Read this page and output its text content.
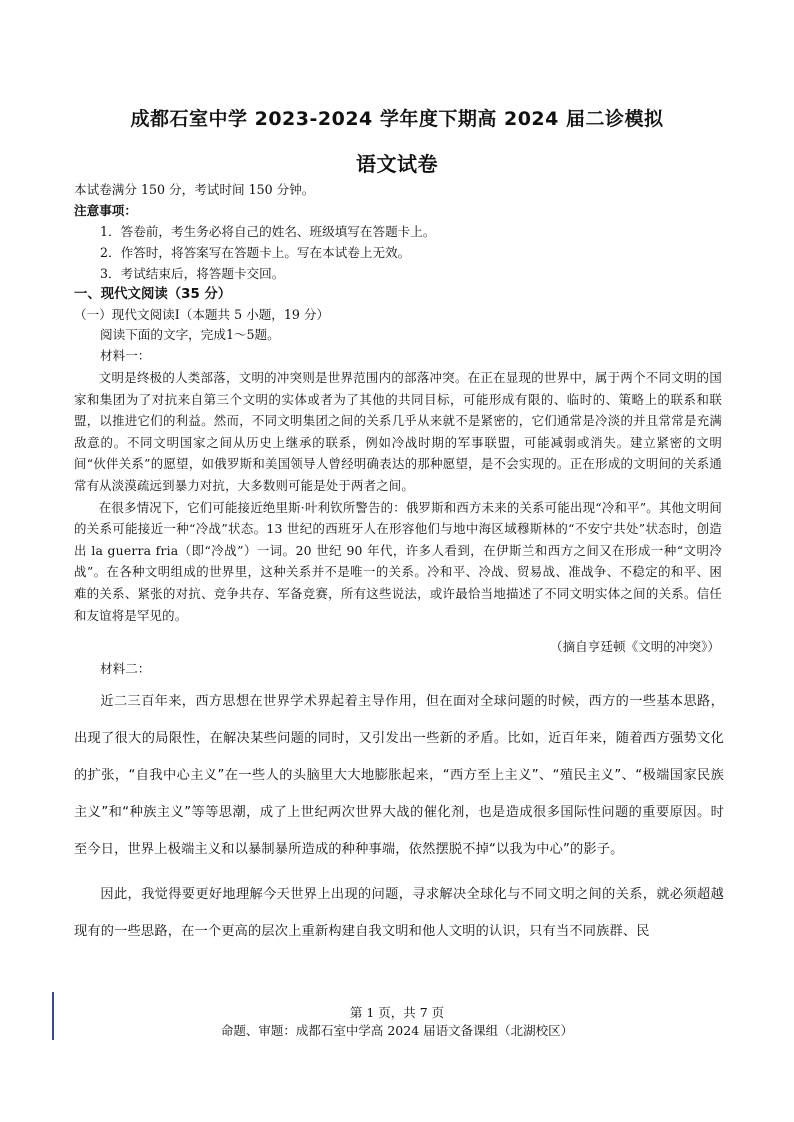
成都石室中学 2023-2024 学年度下期高 2024 届二诊模拟
语文试卷
本试卷满分 150 分，考试时间 150 分钟。
注意事项：
1．答卷前，考生务必将自己的姓名、班级填写在答题卡上。
2．作答时，将答案写在答题卡上。写在本试卷上无效。
3．考试结束后，将答题卡交回。
一、现代文阅读（35 分）
（一）现代文阅读Ⅰ（本题共 5 小题，19 分）
阅读下面的文字，完成1～5题。
材料一：

文明是终极的人类部落，文明的冲突则是世界范围内的部落冲突。在正在显现的世界中，属于两个不同文明的国家和集团为了对抗来自第三个文明的实体或者为了其他的共同目标，可能形成有限的、临时的、策略上的联系和联盟，以推进它们的利益。然而，不同文明集团之间的关系几乎从来就不是紧密的，它们通常是冷淡的并且常常是充满敌意的。不同文明国家之间从历史上继承的联系，例如冷战时期的军事联盟，可能减弱或消失。建立紧密的文明间“伙伴关系”的愿望，如俄罗斯和美国领导人曾经明确表达的那种愿望，是不会实现的。正在形成的文明间的关系通常有从淡漠疏远到暴力对抗，大多数则可能是处于两者之间。

在很多情况下，它们可能接近绝里斯·叶利钦所警告的：俄罗斯和西方未来的关系可能出现“冷和平”。其他文明间的关系可能接近一种“冷战”状态。13 世纪的西班牙人在形容他们与地中海区域穆斯林的“不安宁共处”状态时，创造出 la guerra fria（即“冷战”）一词。20 世纪 90 年代，许多人看到，在伊斯兰和西方之间又在形成一种“文明冷战”。在各种文明组成的世界里，这种关系并不是唯一的关系。冷和平、冷战、贸易战、准战争、不稳定的和平、困难的关系、紧张的对抗、竞争共存、军备竞赛，所有这些说法，或许最恰当地描述了不同文明实体之间的关系。信任和友谊将是罕见的。

（摘自亨廷顿《文明的冲突》）
材料二：

近二三百年来，西方思想在世界学术界起着主导作用，但在面对全球问题的时候，西方的一些基本思路，出现了很大的局限性，在解决某些问题的同时，又引发出一些新的矛盾。比如，近百年来，随着西方强势文化的扩张，“自我中心主义”在一些人的头脑里大大地膨胀起来，“西方至上主义”、“殖民主义”、“极端国家民族主义”和“种族主义”等等思潮，成了上世纪两次世界大战的催化剂，也是造成很多国际性问题的重要原因。时至今日，世界上极端主义和以暴制暴所造成的种种事端，依然摆脱不掉“以我为中心”的影子。

因此，我觉得要更好地理解今天世界上出现的问题，寻求解决全球化与不同文明之间的关系，就必须超越现有的一些思路，在一个更高的层次上重新构建自我文明和他人文明的认识，只有当不同族群、民

第 1 页，共 7 页
命题、审题：成都石室中学高 2024 届语文备课组（北湖校区）
